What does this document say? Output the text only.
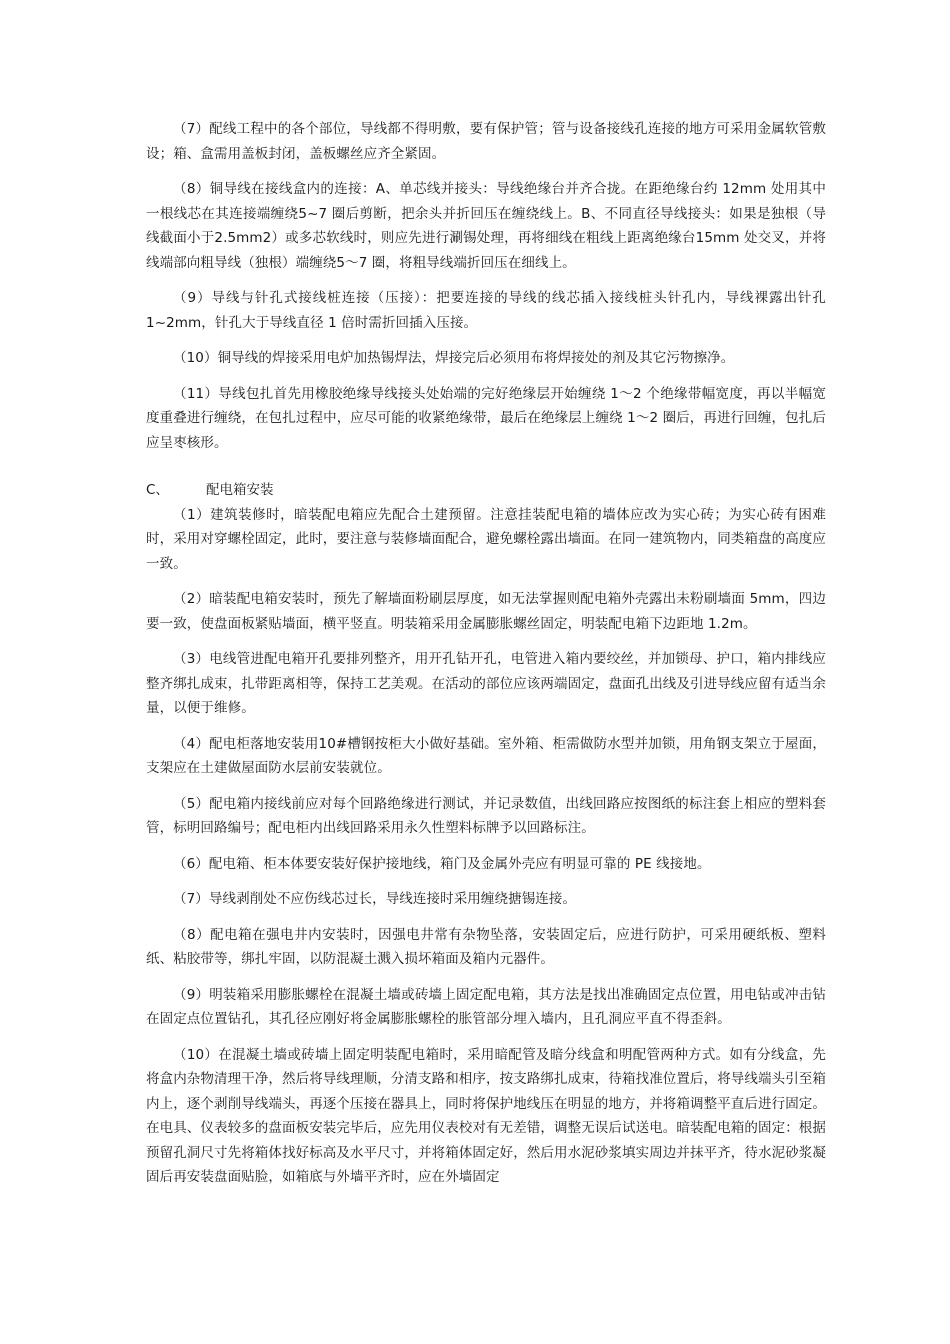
（7）配线工程中的各个部位，导线都不得明敷，要有保护管；管与设备接线孔连接的地方可采用金属软管敷设；箱、盒需用盖板封闭，盖板螺丝应齐全紧固。

（8）铜导线在接线盒内的连接：A、单芯线并接头：导线绝缘台并齐合拢。在距绝缘台约 12mm 处用其中一根线芯在其连接端缠绕5~7 圈后剪断，把余头并折回压在缠绕线上。B、不同直径导线接头：如果是独根（导线截面小于2.5mm2）或多芯软线时，则应先进行涮锡处理，再将细线在粗线上距离绝缘台15mm 处交叉，并将线端部向粗导线（独根）端缠绕5～7 圈，将粗导线端折回压在细线上。

（9）导线与针孔式接线桩连接（压接）：把要连接的导线的线芯插入接线桩头针孔内，导线裸露出针孔 1~2mm，针孔大于导线直径 1 倍时需折回插入压接。

（10）铜导线的焊接采用电炉加热锡焊法，焊接完后必须用布将焊接处的剂及其它污物擦净。

（11）导线包扎首先用橡胶绝缘导线接头处始端的完好绝缘层开始缠绕 1～2 个绝缘带幅宽度，再以半幅宽度重叠进行缠绕，在包扎过程中，应尽可能的收紧绝缘带，最后在绝缘层上缠绕 1～2 圈后，再进行回缠，包扎后应呈枣核形。

C、	配电箱安装

（1）建筑装修时，暗装配电箱应先配合土建预留。注意挂装配电箱的墙体应改为实心砖；为实心砖有困难时，采用对穿螺栓固定，此时，要注意与装修墙面配合，避免螺栓露出墙面。在同一建筑物内，同类箱盘的高度应一致。

（2）暗装配电箱安装时，预先了解墙面粉刷层厚度，如无法掌握则配电箱外壳露出未粉刷墙面 5mm，四边要一致，使盘面板紧贴墙面，横平竖直。明装箱采用金属膨胀螺丝固定，明装配电箱下边距地 1.2m。

（3）电线管进配电箱开孔要排列整齐，用开孔钻开孔，电管进入箱内要绞丝，并加锁母、护口，箱内排线应整齐绑扎成束，扎带距离相等，保持工艺美观。在活动的部位应该两端固定，盘面孔出线及引进导线应留有适当余量，以便于维修。

（4）配电柜落地安装用10#槽钢按柜大小做好基础。室外箱、柜需做防水型并加锁，用角钢支架立于屋面，支架应在土建做屋面防水层前安装就位。

（5）配电箱内接线前应对每个回路绝缘进行测试，并记录数值，出线回路应按图纸的标注套上相应的塑料套管，标明回路编号；配电柜内出线回路采用永久性塑料标牌予以回路标注。

（6）配电箱、柜本体要安装好保护接地线，箱门及金属外壳应有明显可靠的 PE 线接地。

（7）导线剥削处不应伤线芯过长，导线连接时采用缠绕搪锡连接。

（8）配电箱在强电井内安装时，因强电井常有杂物坠落，安装固定后，应进行防护，可采用硬纸板、塑料纸、粘胶带等，绑扎牢固，以防混凝土溅入损坏箱面及箱内元器件。

（9）明装箱采用膨胀螺栓在混凝土墙或砖墙上固定配电箱，其方法是找出准确固定点位置，用电钻或冲击钻在固定点位置钻孔，其孔径应刚好将金属膨胀螺栓的胀管部分埋入墙内，且孔洞应平直不得歪斜。

（10）在混凝土墙或砖墙上固定明装配电箱时，采用暗配管及暗分线盒和明配管两种方式。如有分线盒，先将盒内杂物清理干净，然后将导线理顺，分清支路和相序，按支路绑扎成束，待箱找准位置后，将导线端头引至箱内上，逐个剥削导线端头，再逐个压接在器具上，同时将保护地线压在明显的地方，并将箱调整平直后进行固定。在电具、仪表较多的盘面板安装完毕后，应先用仪表校对有无差错，调整无误后试送电。暗装配电箱的固定：根据预留孔洞尺寸先将箱体找好标高及水平尺寸，并将箱体固定好，然后用水泥砂浆填实周边并抹平齐，待水泥砂浆凝固后再安装盘面贴脸，如箱底与外墙平齐时，应在外墙固定
